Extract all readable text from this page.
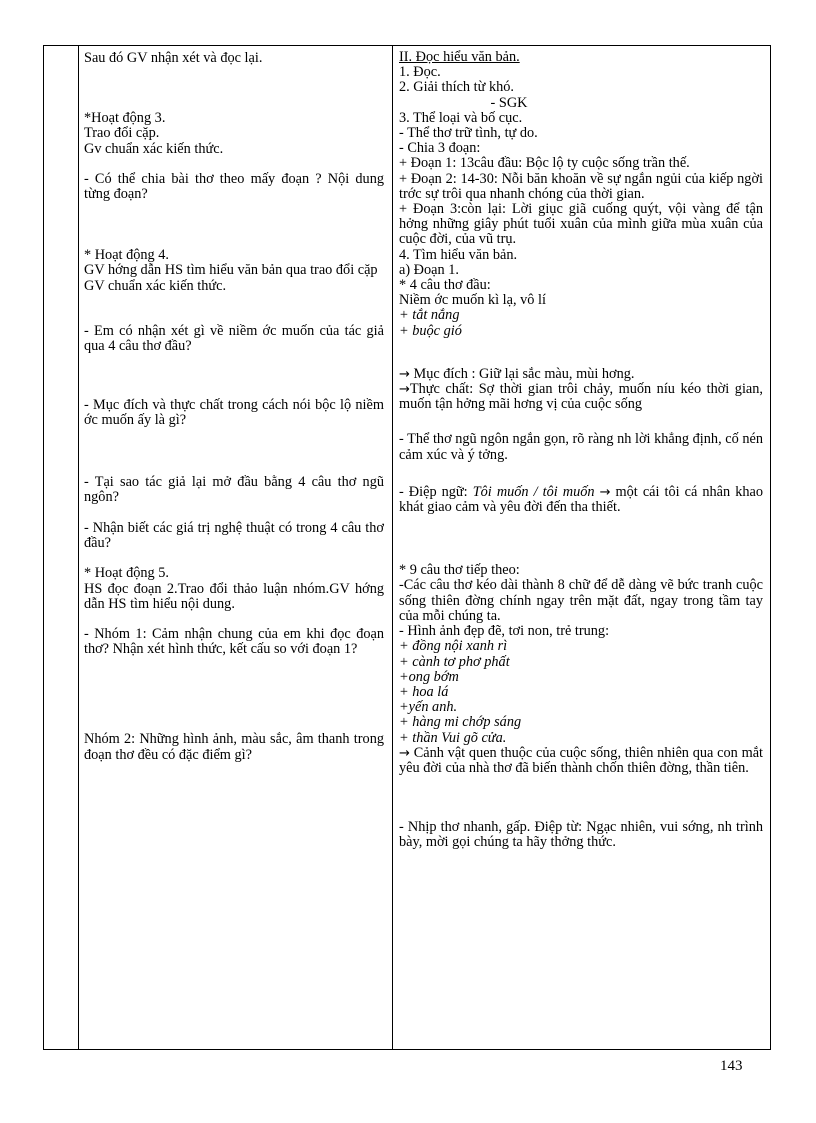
Sau đó GV nhận xét và đọc lại.
*Hoạt động 3.
Trao đổi cặp.
Gv chuẩn xác kiến thức.
- Có thể chia bài thơ theo mấy đoạn ? Nội dung từng đoạn?
* Hoạt động 4.
GV hớng dẫn HS tìm hiểu văn bản qua trao đổi cặp
GV chuẩn xác kiến thức.
- Em có nhận xét gì về niềm ớc muốn của tác giả qua 4 câu thơ đầu?
- Mục đích và thực chất trong cách nói bộc lộ niềm ớc muốn ấy là gì?
- Tại sao tác giả lại mở đầu bằng 4 câu thơ ngũ ngôn?
- Nhận biết các giá trị nghệ thuật có trong 4 câu thơ đầu?
* Hoạt động 5.
HS đọc đoạn 2.Trao đổi thảo luận nhóm.GV hớng dẫn HS tìm hiểu nội dung.
- Nhóm 1: Cảm nhận chung của em khi đọc đoạn thơ? Nhận xét hình thức, kết cấu so với đoạn 1?
Nhóm 2: Những hình ảnh, màu sắc, âm thanh trong đoạn thơ đều có đặc điểm gì?
II. Đọc hiểu văn bản.
1. Đọc.
2. Giải thích từ khó.
- SGK
3. Thể loại và bố cục.
- Thể thơ trữ tình, tự do.
- Chia 3 đoạn:
+ Đoạn 1: 13câu đầu: Bộc lộ ty cuộc sống trần thế.
+ Đoạn 2: 14-30: Nỗi băn khoăn về sự ngắn ngủi của kiếp ngời trớc sự trôi qua nhanh chóng của thời gian.
+ Đoạn 3:còn lại: Lời giục giã cuống quýt, vội vàng để tận hởng những giây phút tuổi xuân của mình giữa mùa xuân của cuộc đời, của vũ trụ.
4. Tìm hiểu văn bản.
a) Đoạn 1.
* 4 câu thơ đầu:
Niềm ớc muốn kì lạ, vô lí
+ tắt nắng
+ buộc gió
→ Mục đích : Giữ lại sắc màu, mùi hơng.
→Thực chất: Sợ thời gian trôi chảy, muốn níu kéo thời gian, muốn tận hởng mãi hơng vị của cuộc sống
- Thể thơ ngũ ngôn ngắn gọn, rõ ràng nh lời khẳng định, cố nén cảm xúc và ý tởng.
- Điệp ngữ: Tôi muốn / tôi muốn → một cái tôi cá nhân khao khát giao cảm và yêu đời đến tha thiết.
* 9 câu thơ tiếp theo:
-Các câu thơ kéo dài thành 8 chữ để dễ dàng vẽ bức tranh cuộc sống thiên đờng chính ngay trên mặt đất, ngay trong tầm tay của mỗi chúng ta.
- Hình ảnh đẹp đẽ, tơi non, trẻ trung:
+ đồng nội xanh rì
+ cành tơ phơ phất
+ong bớm
+ hoa lá
+yến anh.
+ hàng mi chớp sáng
+ thần Vui gõ cửa.
→ Cảnh vật quen thuộc của cuộc sống, thiên nhiên qua con mắt yêu đời của nhà thơ đã biến thành chốn thiên đờng, thần tiên.
- Nhịp thơ nhanh, gấp. Điệp từ: Ngạc nhiên, vui sớng, nh trình bày, mời gọi chúng ta hãy thởng thức.
143
